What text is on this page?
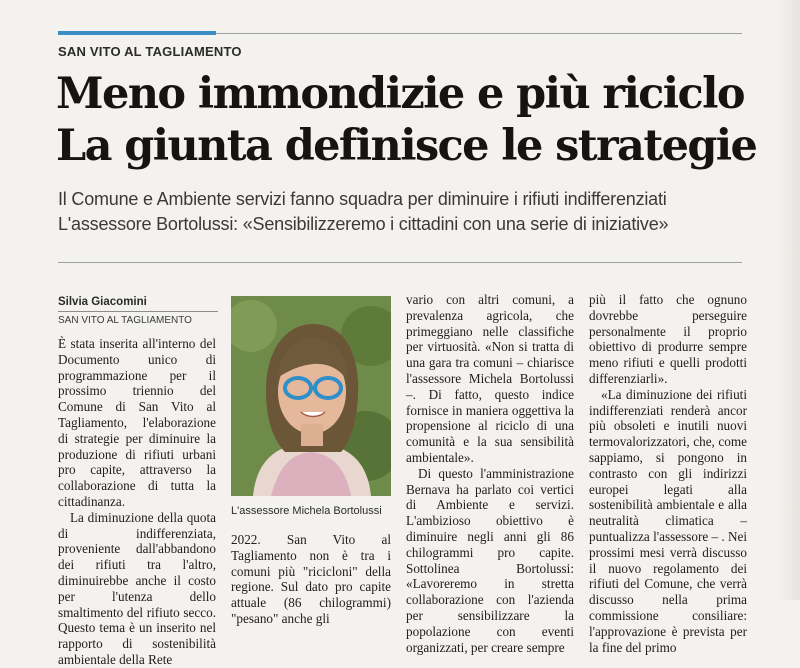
SAN VITO AL TAGLIAMENTO
Meno immondizie e più riciclo
La giunta definisce le strategie
Il Comune e Ambiente servizi fanno squadra per diminuire i rifiuti indifferenziati
L'assessore Bortolussi: «Sensibilizzeremo i cittadini con una serie di iniziative»
Silvia Giacomini
SAN VITO AL TAGLIAMENTO

È stata inserita all'interno del Documento unico di programmazione per il prossimo triennio del Comune di San Vito al Tagliamento, l'elaborazione di strategie per diminuire la produzione di rifiuti urbani pro capite, attraverso la collaborazione di tutta la cittadinanza.

La diminuzione della quota di indifferenziata, proveniente dall'abbandono dei rifiuti tra l'altro, diminuirebbe anche il costo per l'utenza dello smaltimento del rifiuto secco. Questo tema è un inserito nel rapporto di sostenibilità ambientale della Rete

L'assessore Michela Bortolussi

2022. San Vito al Tagliamento non è tra i comuni più "ricicloni" della regione. Sul dato pro capite attuale (86 chilogrammi) "pesano" anche gli

vario con altri comuni, a prevalenza agricola, che primeggiano nelle classifiche per virtuosità. «Non si tratta di una gara tra comuni – chiarisce l'assessore Michela Bortolussi –. Di fatto, questo indice fornisce in maniera oggettiva la propensione al riciclo di una comunità e la sua sensibilità ambientale».

Di questo l'amministrazione Bernava ha parlato coi vertici di Ambiente e servizi. L'ambizioso obiettivo è diminuire negli anni gli 86 chilogrammi pro capite. Sottolinea Bortolussi: «Lavoreremo in stretta collaborazione con l'azienda per sensibilizzare la popolazione con eventi organizzati, per creare sempre

più il fatto che ognuno dovrebbe perseguire personalmente il proprio obiettivo di produrre sempre meno rifiuti e quelli prodotti differenziarli».

«La diminuzione dei rifiuti indifferenziati renderà ancor più obsoleti e inutili nuovi termovalorizzatori, che, come sappiamo, si pongono in contrasto con gli indirizzi europei legati alla sostenibilità ambientale e alla neutralità climatica – puntualizza l'assessore – . Nei prossimi mesi verrà discusso il nuovo regolamento dei rifiuti del Comune, che verrà discusso nella prima commissione consiliare: l'approvazione è prevista per la fine del primo
